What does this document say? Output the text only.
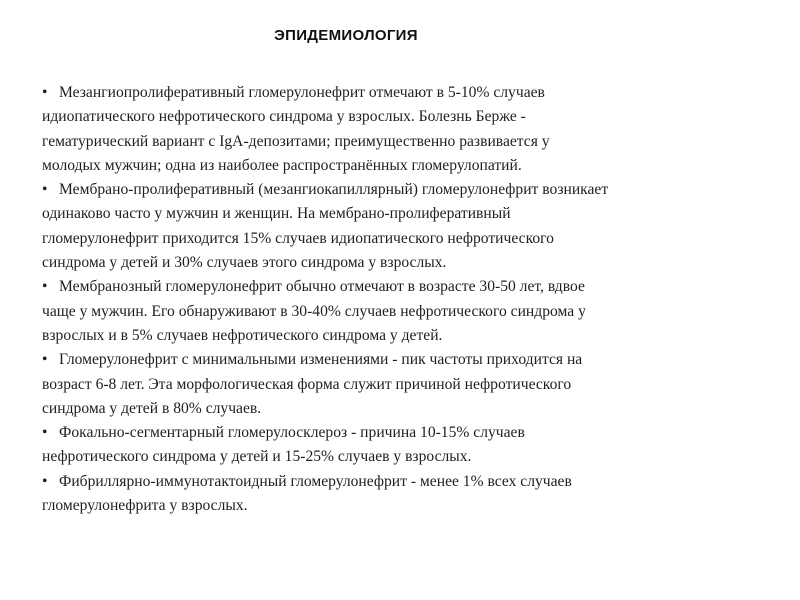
ЭПИДЕМИОЛОГИЯ
• Мезангиопролиферативный гломерулонефрит отмечают в 5-10% случаев
идиопатического нефротического синдрома у взрослых. Болезнь Берже -
гематурический вариант с IgA-депозитами; преимущественно развивается у
молодых мужчин; одна из наиболее распространённых гломерулопатий.
• Мембрано-пролиферативный (мезангиокапиллярный) гломерулонефрит возникает
одинаково часто у мужчин и женщин. На мембрано-пролиферативный
гломерулонефрит приходится 15% случаев идиопатического нефротического
синдрома у детей и 30% случаев этого синдрома у взрослых.
• Мембранозный гломерулонефрит обычно отмечают в возрасте 30-50 лет, вдвое
чаще у мужчин. Его обнаруживают в 30-40% случаев нефротического синдрома у
взрослых и в 5% случаев нефротического синдрома у детей.
• Гломерулонефрит с минимальными изменениями - пик частоты приходится на
возраст 6-8 лет. Эта морфологическая форма служит причиной нефротического
синдрома у детей в 80% случаев.
• Фокально-сегментарный гломерулосклероз - причина 10-15% случаев
нефротического синдрома у детей и 15-25% случаев у взрослых.
• Фибриллярно-иммунотактоидный гломерулонефрит - менее 1% всех случаев
гломерулонефрита у взрослых.
